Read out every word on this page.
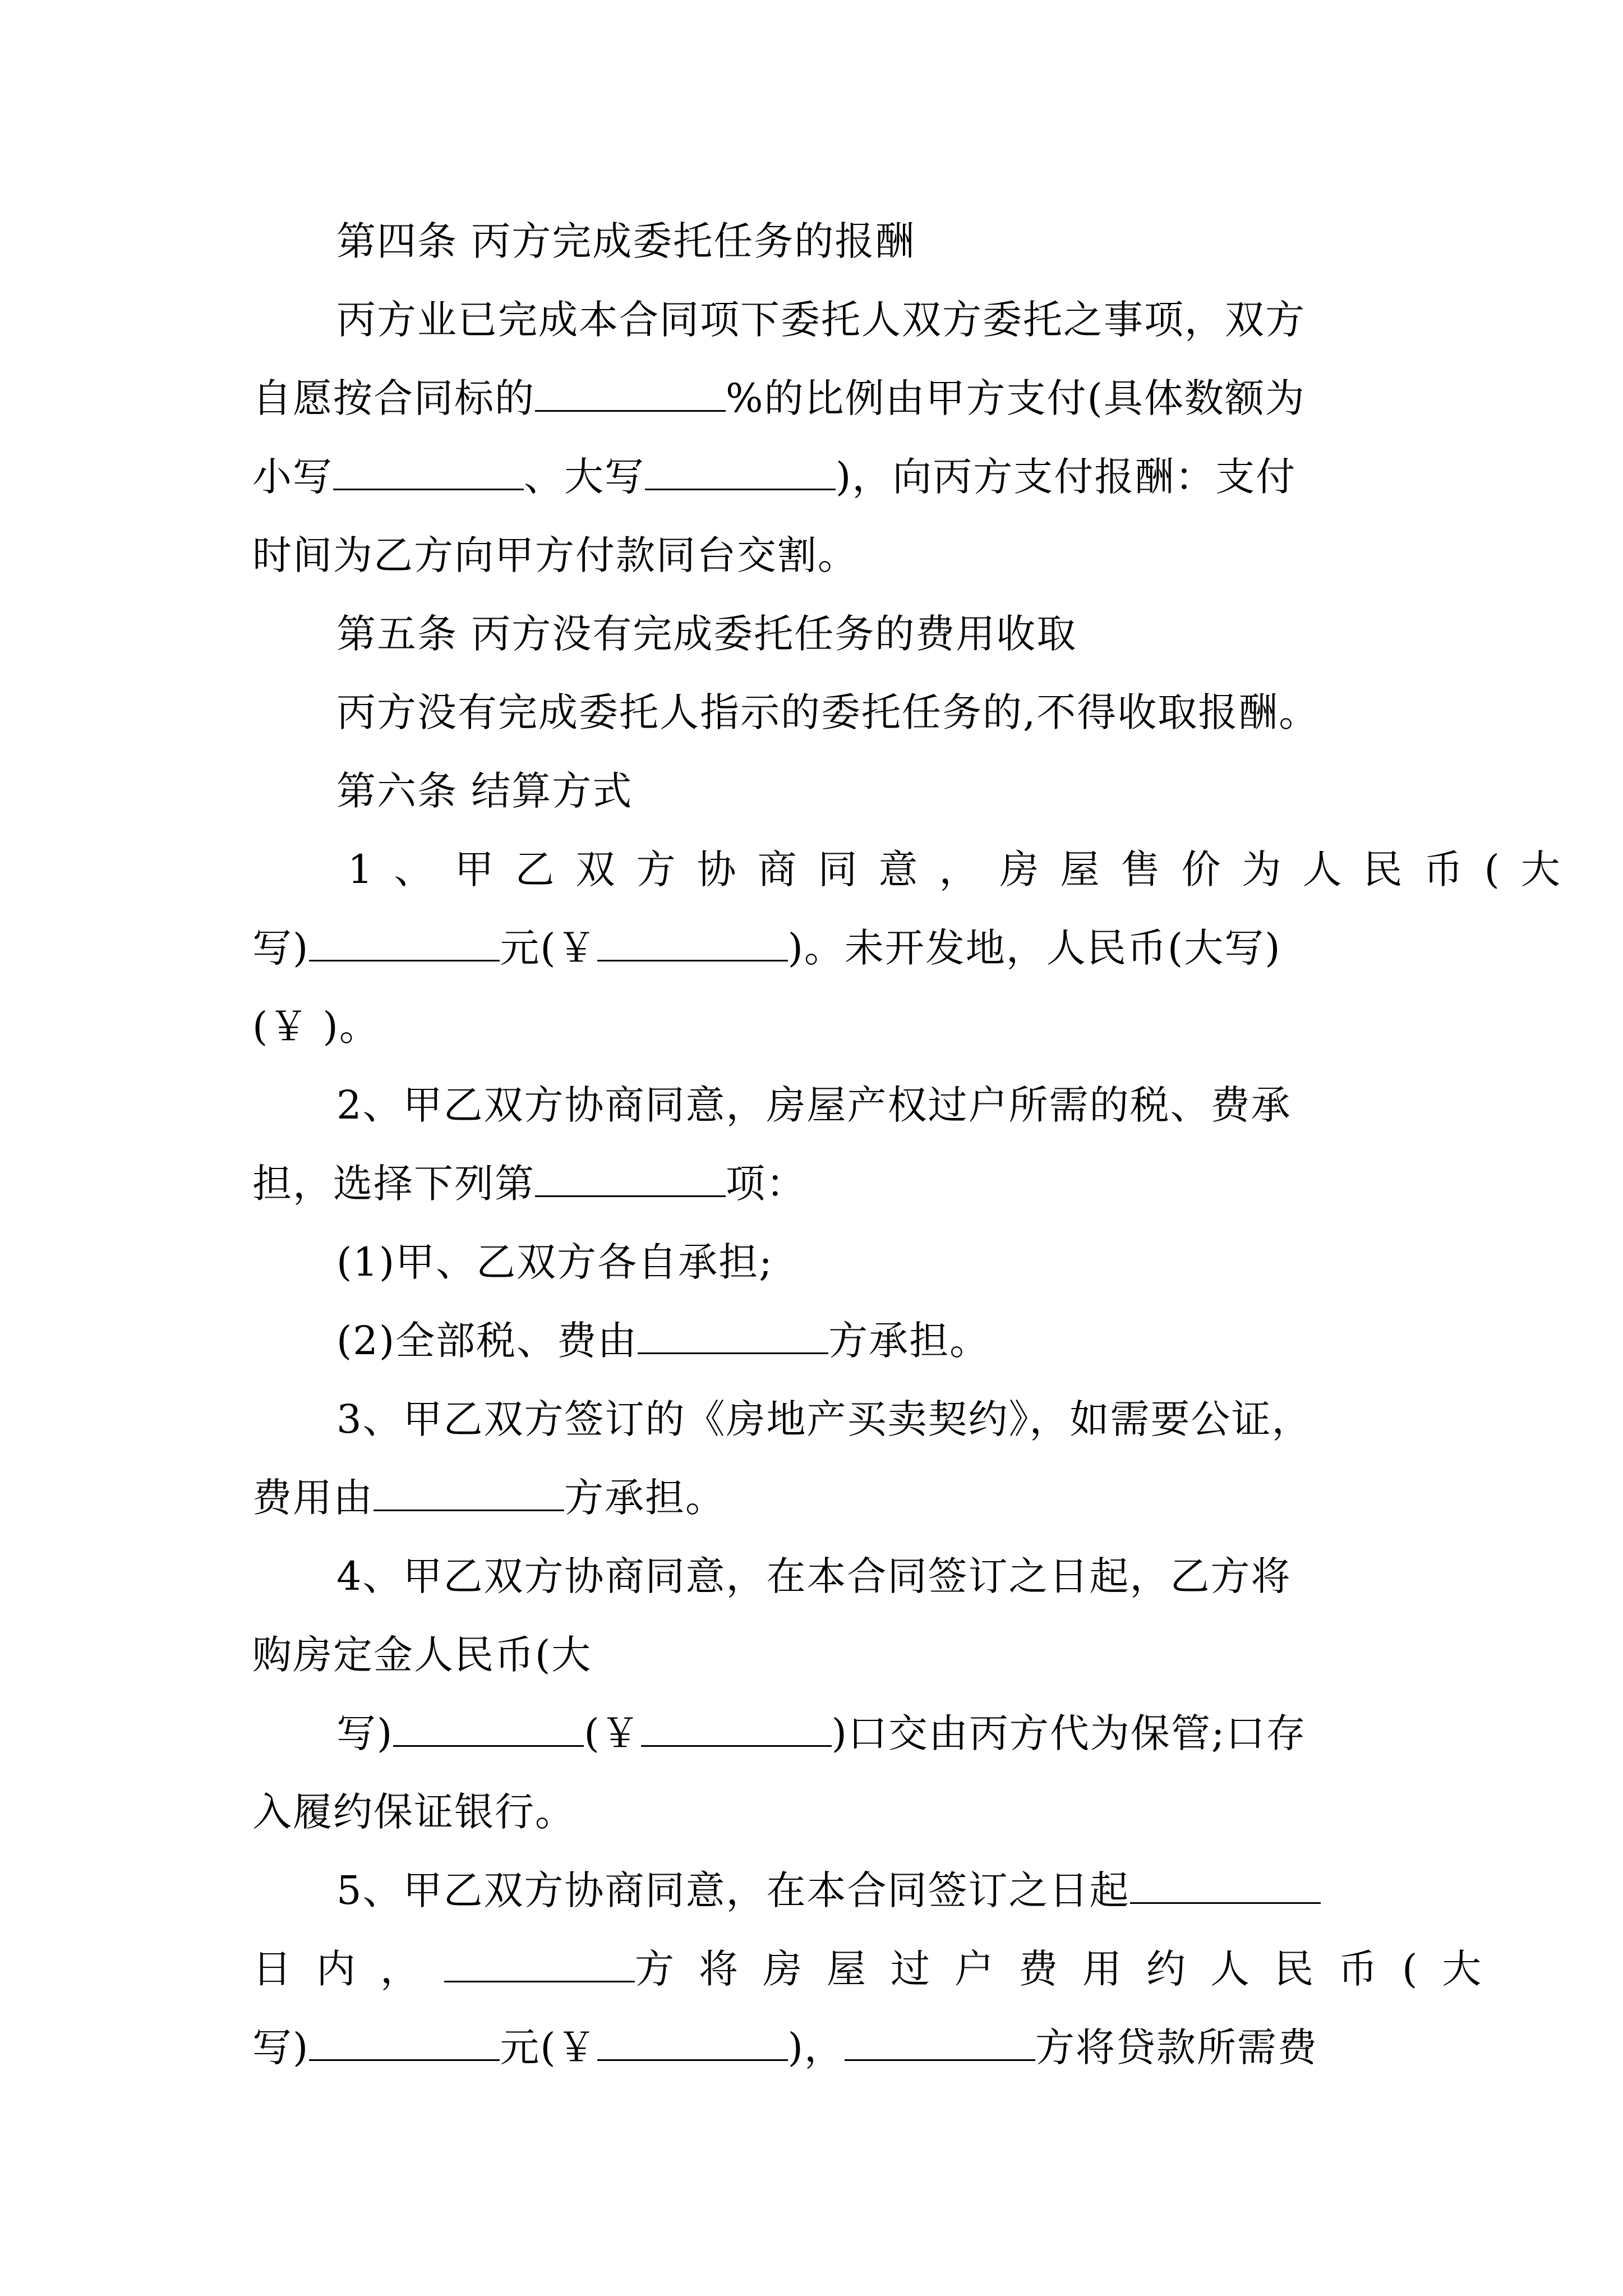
第四条 丙方完成委托任务的报酬
丙方业已完成本合同项下委托人双方委托之事项，双方
自愿按合同标的	%的比例由甲方支付(具体数额为
小写	、大写	)，向丙方支付报酬：支付
时间为乙方向甲方付款同台交割。
第五条 丙方没有完成委托任务的费用收取
丙方没有完成委托人指示的委托任务的,不得收取报酬。
第六条 结算方式
1、甲乙双方协商同意，房屋售价为人民币(大
写)	元(￥	)。未开发地，人民币(大写)
(￥ )。
2、甲乙双方协商同意，房屋产权过户所需的税、费承
担，选择下列第	项：
(1)甲、乙双方各自承担;
(2)全部税、费由	方承担。
3、甲乙双方签订的《房地产买卖契约》，如需要公证，
费用由	方承担。
4、甲乙双方协商同意，在本合同签订之日起，乙方将
购房定金人民币(大
写)	(￥	)口交由丙方代为保管;口存
入履约保证银行。
5、甲乙双方协商同意，在本合同签订之日起
日内，	方将房屋过户费用约人民币(大
写)	元(￥	)，	方将贷款所需费
